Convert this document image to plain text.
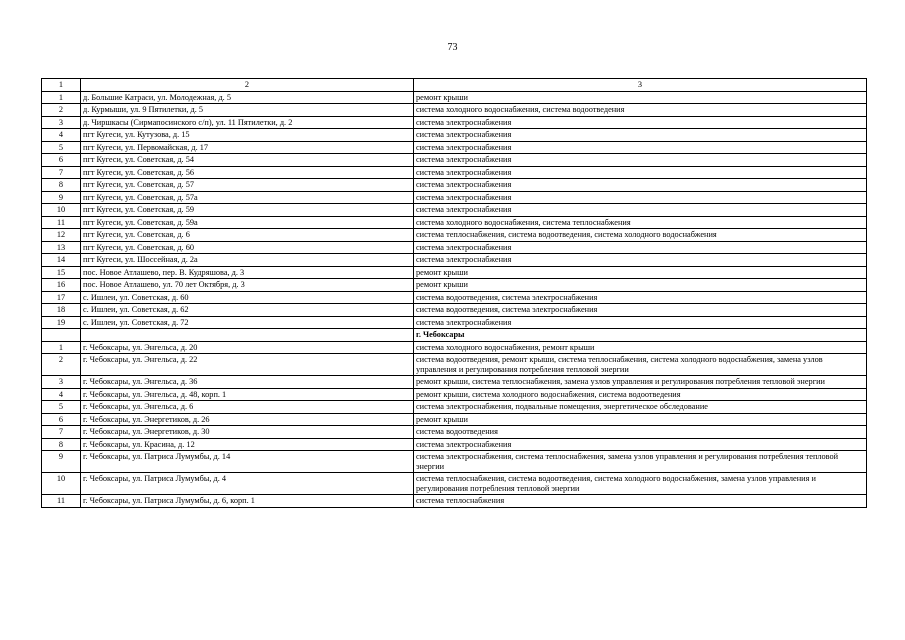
73
1	2	3
1	д. Большие Катраси, ул. Молодежная, д. 5	ремонт крыши
2	д. Курмыши, ул. 9 Пятилетки, д. 5	система холодного водоснабжения, система водоотведения
3	д. Чиршкасы (Сирмапосинского с/п), ул. 11 Пятилетки, д. 2	система электроснабжения
4	пгт Кугеси, ул. Кутузова, д. 15	система электроснабжения
5	пгт Кугеси, ул. Первомайская, д. 17	система электроснабжения
6	пгт Кугеси, ул. Советская, д. 54	система электроснабжения
7	пгт Кугеси, ул. Советская, д. 56	система электроснабжения
8	пгт Кугеси, ул. Советская, д. 57	система электроснабжения
9	пгт Кугеси, ул. Советская, д. 57а	система электроснабжения
10	пгт Кугеси, ул. Советская, д. 59	система электроснабжения
11	пгт Кугеси, ул. Советская, д. 59а	система холодного водоснабжения, система теплоснабжения
12	пгт Кугеси, ул. Советская, д. 6	система теплоснабжения, система водоотведения, система холодного водоснабжения
13	пгт Кугеси, ул. Советская, д. 60	система электроснабжения
14	пгт Кугеси, ул. Шоссейная, д. 2а	система электроснабжения
15	пос. Новое Атлашево, пер. В. Кудряшова, д. 3	ремонт крыши
16	пос. Новое Атлашево, ул. 70 лет Октября, д. 3	ремонт крыши
17	с. Ишлеи, ул. Советская, д. 60	система водоотведения, система электроснабжения
18	с. Ишлеи, ул. Советская, д. 62	система водоотведения, система электроснабжения
19	с. Ишлеи, ул. Советская, д. 72	система электроснабжения
		г. Чебоксары
1	г. Чебоксары, ул. Энгельса, д. 20	система холодного водоснабжения, ремонт крыши
2	г. Чебоксары, ул. Энгельса, д. 22	система водоотведения, ремонт крыши, система теплоснабжения, система холодного водоснабжения, замена узлов управления и регулирования потребления тепловой энергии
3	г. Чебоксары, ул. Энгельса, д. 36	ремонт крыши, система теплоснабжения, замена узлов управления и регулирования потребления тепловой энергии
4	г. Чебоксары, ул. Энгельса, д. 48, корп. 1	ремонт крыши, система холодного водоснабжения, система водоотведения
5	г. Чебоксары, ул. Энгельса, д. 6	система электроснабжения, подвальные помещения, энергетическое обследование
6	г. Чебоксары, ул. Энергетиков, д. 26	ремонт крыши
7	г. Чебоксары, ул. Энергетиков, д. 30	система водоотведения
8	г. Чебоксары, ул. Красина, д. 12	система электроснабжения
9	г. Чебоксары, ул. Патриса Лумумбы, д. 14	система электроснабжения, система теплоснабжения, замена узлов управления и регулирования потребления тепловой энергии
10	г. Чебоксары, ул. Патриса Лумумбы, д. 4	система теплоснабжения, система водоотведения, система холодного водоснабжения, замена узлов управления и регулирования потребления тепловой энергии
11	г. Чебоксары, ул. Патриса Лумумбы, д. 6, корп. 1	система теплоснабжения
